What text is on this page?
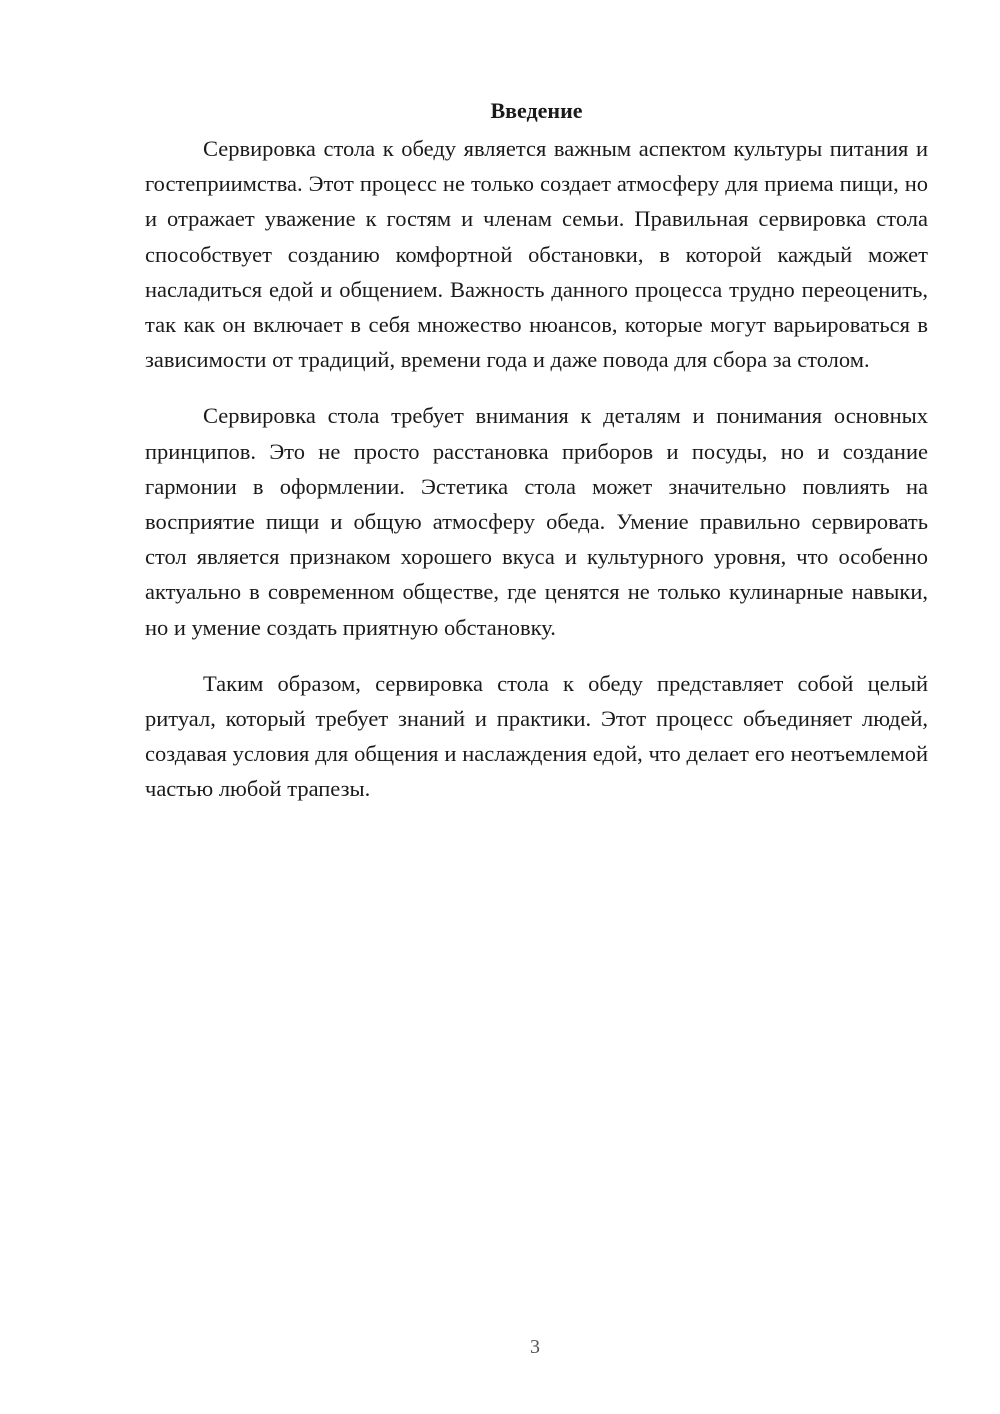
Введение

Сервировка стола к обеду является важным аспектом культуры питания и гостеприимства. Этот процесс не только создает атмосферу для приема пищи, но и отражает уважение к гостям и членам семьи. Правильная сервировка стола способствует созданию комфортной обстановки, в которой каждый может насладиться едой и общением. Важность данного процесса трудно переоценить, так как он включает в себя множество нюансов, которые могут варьироваться в зависимости от традиций, времени года и даже повода для сбора за столом.

Сервировка стола требует внимания к деталям и понимания основных принципов. Это не просто расстановка приборов и посуды, но и создание гармонии в оформлении. Эстетика стола может значительно повлиять на восприятие пищи и общую атмосферу обеда. Умение правильно сервировать стол является признаком хорошего вкуса и культурного уровня, что особенно актуально в современном обществе, где ценятся не только кулинарные навыки, но и умение создать приятную обстановку.

Таким образом, сервировка стола к обеду представляет собой целый ритуал, который требует знаний и практики. Этот процесс объединяет людей, создавая условия для общения и наслаждения едой, что делает его неотъемлемой частью любой трапезы.

3
